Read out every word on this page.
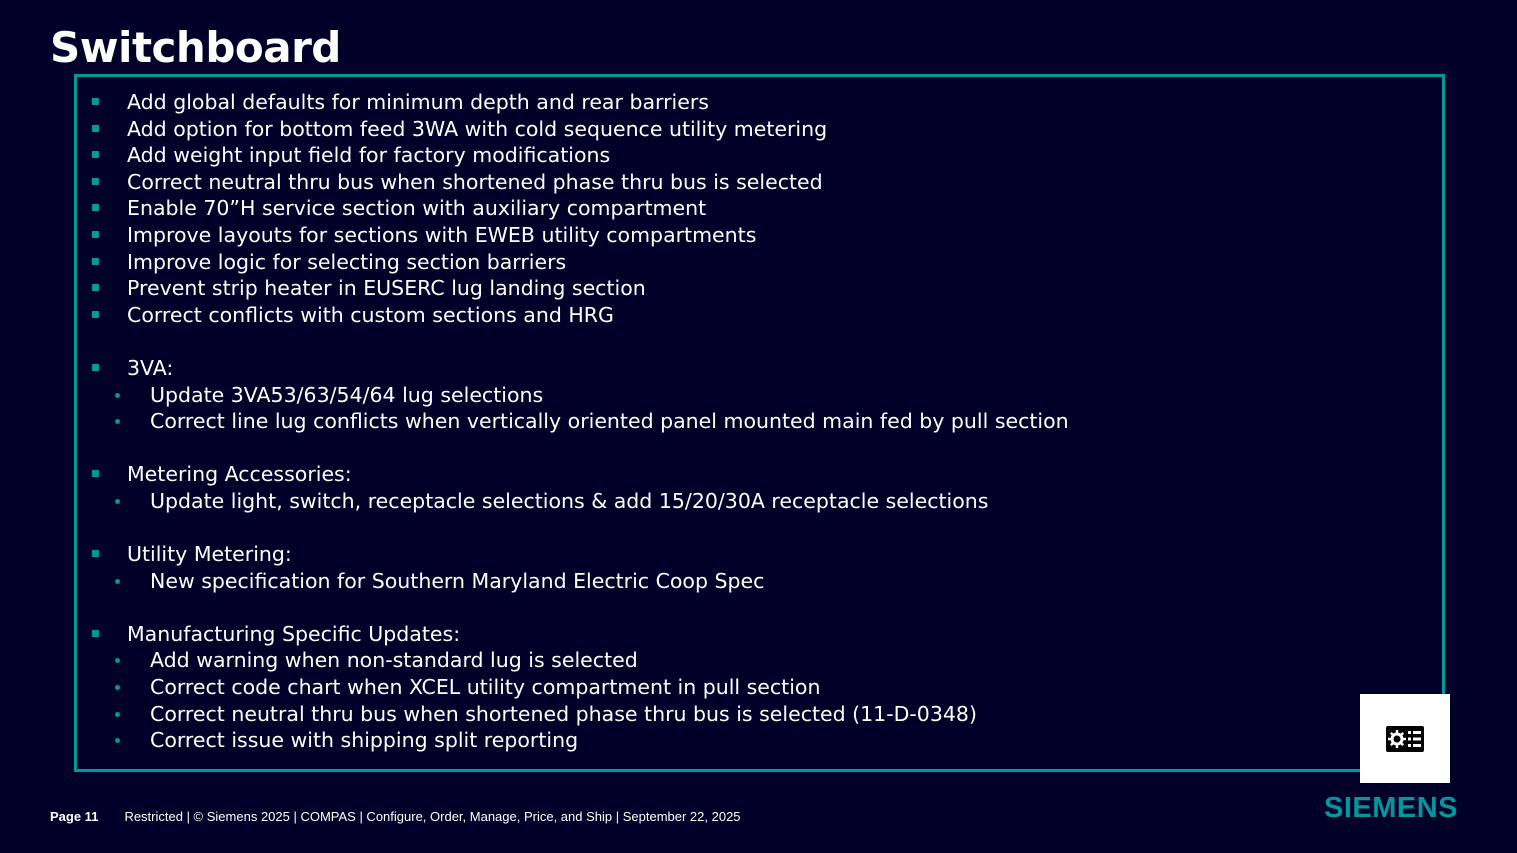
Switchboard
Add global defaults for minimum depth and rear barriers
Add option for bottom feed 3WA with cold sequence utility metering
Add weight input field for factory modifications
Correct neutral thru bus when shortened phase thru bus is selected
Enable 70”H service section with auxiliary compartment
Improve layouts for sections with EWEB utility compartments
Improve logic for selecting section barriers
Prevent strip heater in EUSERC lug landing section
Correct conflicts with custom sections and HRG
3VA:
Update 3VA53/63/54/64 lug selections
Correct line lug conflicts when vertically oriented panel mounted main fed by pull section
Metering Accessories:
Update light, switch, receptacle selections & add 15/20/30A receptacle selections
Utility Metering:
New specification for Southern Maryland Electric Coop Spec
Manufacturing Specific Updates:
Add warning when non-standard lug is selected
Correct code chart when XCEL utility compartment in pull section
Correct neutral thru bus when shortened phase thru bus is selected (11-D-0348)
Correct issue with shipping split reporting
Page 11 Restricted | © Siemens 2025 | COMPAS | Configure, Order, Manage, Price, and Ship | September 22, 2025	SIEMENS
